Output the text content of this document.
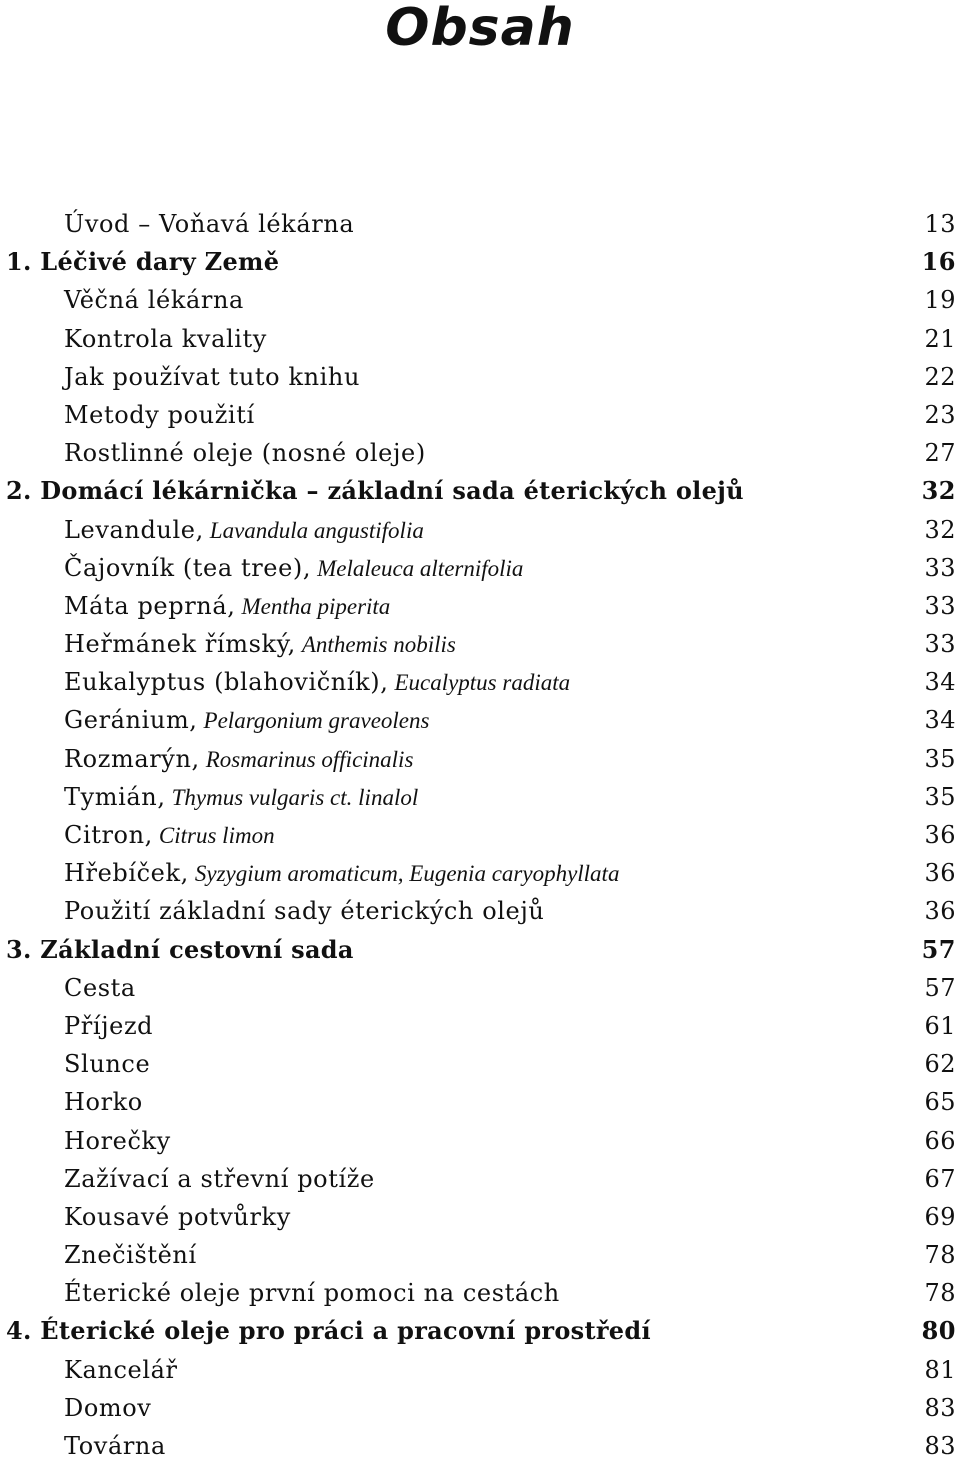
Obsah
Úvod – Voňavá lékárna	13
1. Léčivé dary Země	16
Věčná lékárna	19
Kontrola kvality	21
Jak používat tuto knihu	22
Metody použití	23
Rostlinné oleje (nosné oleje)	27
2. Domácí lékárnička – základní sada éterických olejů	32
Levandule, Lavandula angustifolia	32
Čajovník (tea tree), Melaleuca alternifolia	33
Máta peprná, Mentha piperita	33
Heřmánek římský, Anthemis nobilis	33
Eukalyptus (blahovičník), Eucalyptus radiata	34
Geránium, Pelargonium graveolens	34
Rozmarýn, Rosmarinus officinalis	35
Tymián, Thymus vulgaris ct. linalol	35
Citron, Citrus limon	36
Hřebíček, Syzygium aromaticum, Eugenia caryophyllata	36
Použití základní sady éterických olejů	36
3. Základní cestovní sada	57
Cesta	57
Příjezd	61
Slunce	62
Horko	65
Horečky	66
Zažívací a střevní potíže	67
Kousavé potvůrky	69
Znečištění	78
Éterické oleje první pomoci na cestách	78
4. Éterické oleje pro práci a pracovní prostředí	80
Kancelář	81
Domov	83
Továrna	83
